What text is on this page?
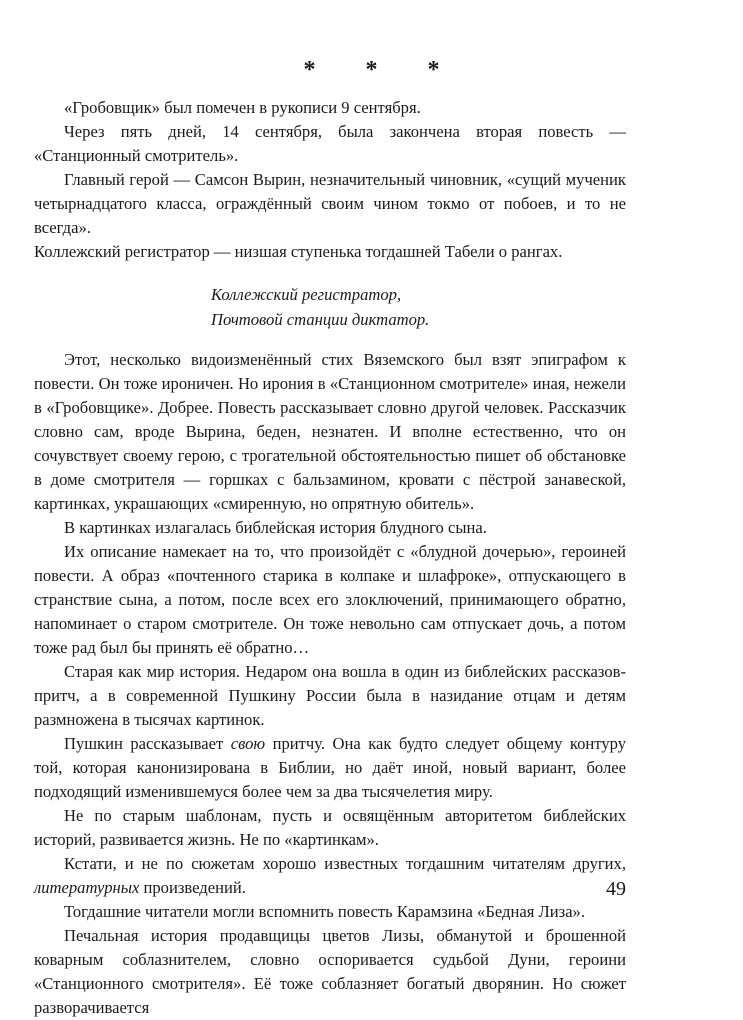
* * *

«Гробовщик» был помечен в рукописи 9 сентября.

Через пять дней, 14 сентября, была закончена вторая повесть — «Станционный смотритель».

Главный герой — Самсон Вырин, незначительный чиновник, «сущий мученик четырнадцатого класса, ограждённый своим чином токмо от побоев, и то не всегда».

Коллежский регистратор — низшая ступенька тогдашней Табели о рангах.

Коллежский регистратор,
Почтовой станции диктатор.

Этот, несколько видоизменённый стих Вяземского был взят эпиграфом к повести. Он тоже ироничен. Но ирония в «Станционном смотрителе» иная, нежели в «Гробовщике». Добрее. Повесть рассказывает словно другой человек. Рассказчик словно сам, вроде Вырина, беден, незнатен. И вполне естественно, что он сочувствует своему герою, с трогательной обстоятельностью пишет об обстановке в доме смотрителя — горшках с бальзамином, кровати с пёстрой занавеской, картинках, украшающих «смиренную, но опрятную обитель».

В картинках излагалась библейская история блудного сына.

Их описание намекает на то, что произойдёт с «блудной дочерью», героиней повести. А образ «почтенного старика в колпаке и шлафроке», отпускающего в странствие сына, а потом, после всех его злоключений, принимающего обратно, напоминает о старом смотрителе. Он тоже невольно сам отпускает дочь, а потом тоже рад был бы принять её обратно…

Старая как мир история. Недаром она вошла в один из библейских рассказов-притч, а в современной Пушкину России была в назидание отцам и детям размножена в тысячах картинок.

Пушкин рассказывает свою притчу. Она как будто следует общему контуру той, которая канонизирована в Библии, но даёт иной, новый вариант, более подходящий изменившемуся более чем за два тысячелетия миру.

Не по старым шаблонам, пусть и освящённым авторитетом библейских историй, развивается жизнь. Не по «картинкам».

Кстати, и не по сюжетам хорошо известных тогдашним читателям других, литературных произведений.

Тогдашние читатели могли вспомнить повесть Карамзина «Бедная Лиза».

Печальная история продавщицы цветов Лизы, обманутой и брошенной коварным соблазнителем, словно оспоривается судьбой Дуни, героини «Станционного смотрителя». Её тоже соблазняет богатый дворянин. Но сюжет разворачивается

49
